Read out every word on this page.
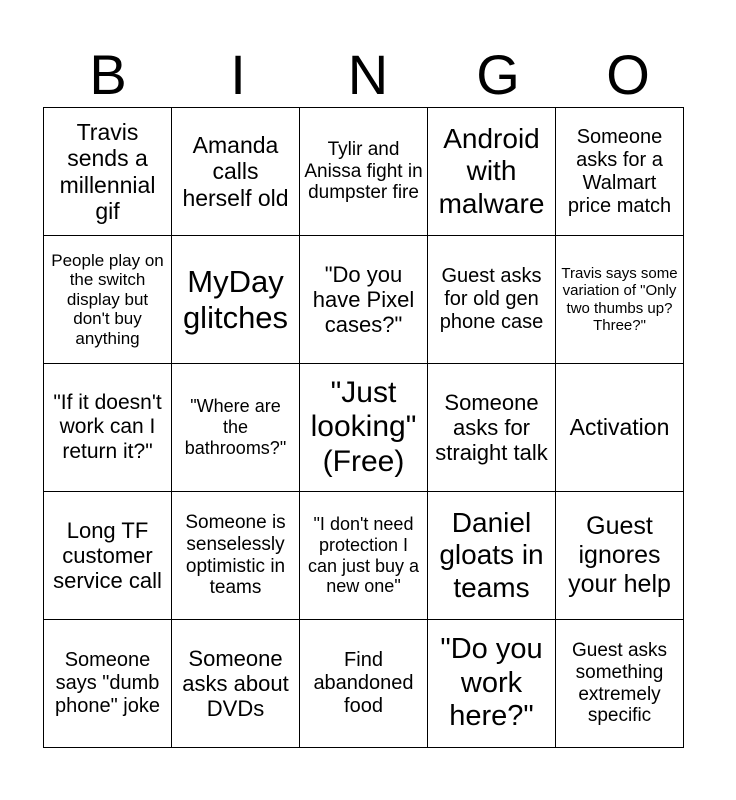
B	I	N	G	O
Travis sends a millennial gif	Amanda calls herself old	Tylir and Anissa fight in dumpster fire	Android with malware	Someone asks for a Walmart price match
People play on the switch display but don't buy anything	MyDay glitches	"Do you have Pixel cases?"	Guest asks for old gen phone case	Travis says some variation of "Only two thumbs up? Three?"
"If it doesn't work can I return it?"	"Where are the bathrooms?"	"Just looking" (Free)	Someone asks for straight talk	Activation
Long TF customer service call	Someone is senselessly optimistic in teams	"I don't need protection I can just buy a new one"	Daniel gloats in teams	Guest ignores your help
Someone says "dumb phone" joke	Someone asks about DVDs	Find abandoned food	"Do you work here?"	Guest asks something extremely specific
